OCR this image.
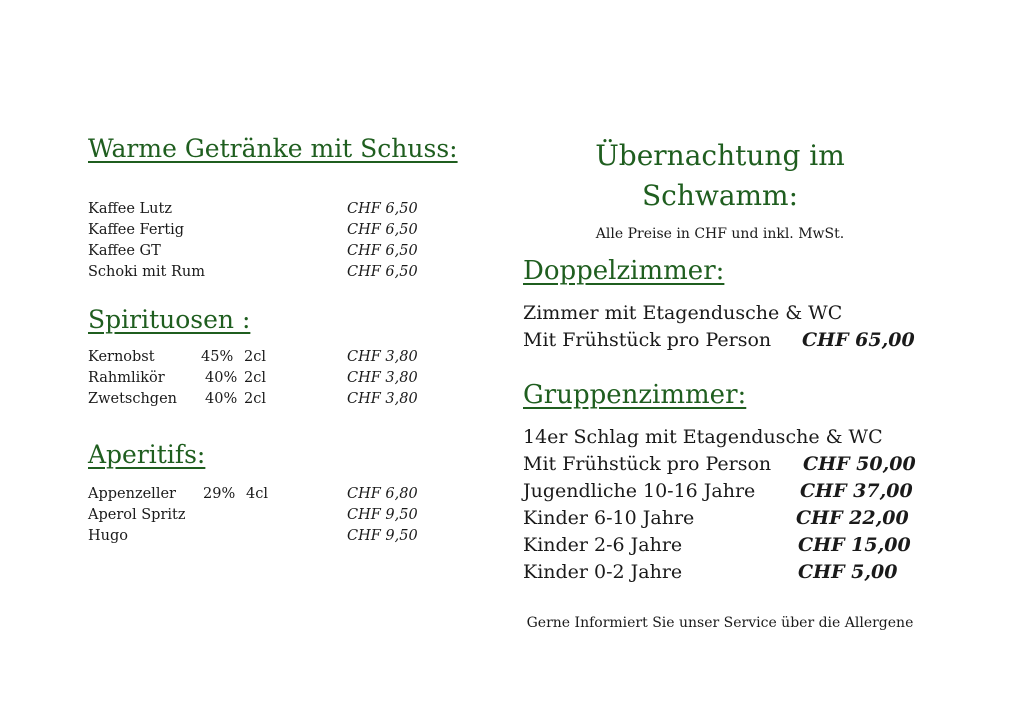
Warme Getränke mit Schuss:
Kaffee Lutz	CHF 6,50
Kaffee Fertig	CHF 6,50
Kaffee GT	CHF 6,50
Schoki mit Rum	CHF 6,50
Spirituosen :
Kernobst	45% 2cl	CHF 3,80
Rahmlikör	40% 2cl	CHF 3,80
Zwetschgen 40% 2cl	CHF 3,80
Aperitifs:
Appenzeller 29% 4cl	CHF 6,80
Aperol Spritz	CHF 9,50
Hugo	CHF 9,50
Übernachtung im
Schwamm:
Alle Preise in CHF und inkl. MwSt.
Doppelzimmer:
Zimmer mit Etagendusche & WC
Mit Frühstück pro Person CHF 65,00
Gruppenzimmer:
14er Schlag mit Etagendusche & WC
Mit Frühstück pro Person CHF 50,00
Jugendliche 10-16 Jahre CHF 37,00
Kinder 6-10 Jahre	CHF 22,00
Kinder 2-6 Jahre	CHF 15,00
Kinder 0-2 Jahre	CHF 5,00
Gerne Informiert Sie unser Service über die Allergene
